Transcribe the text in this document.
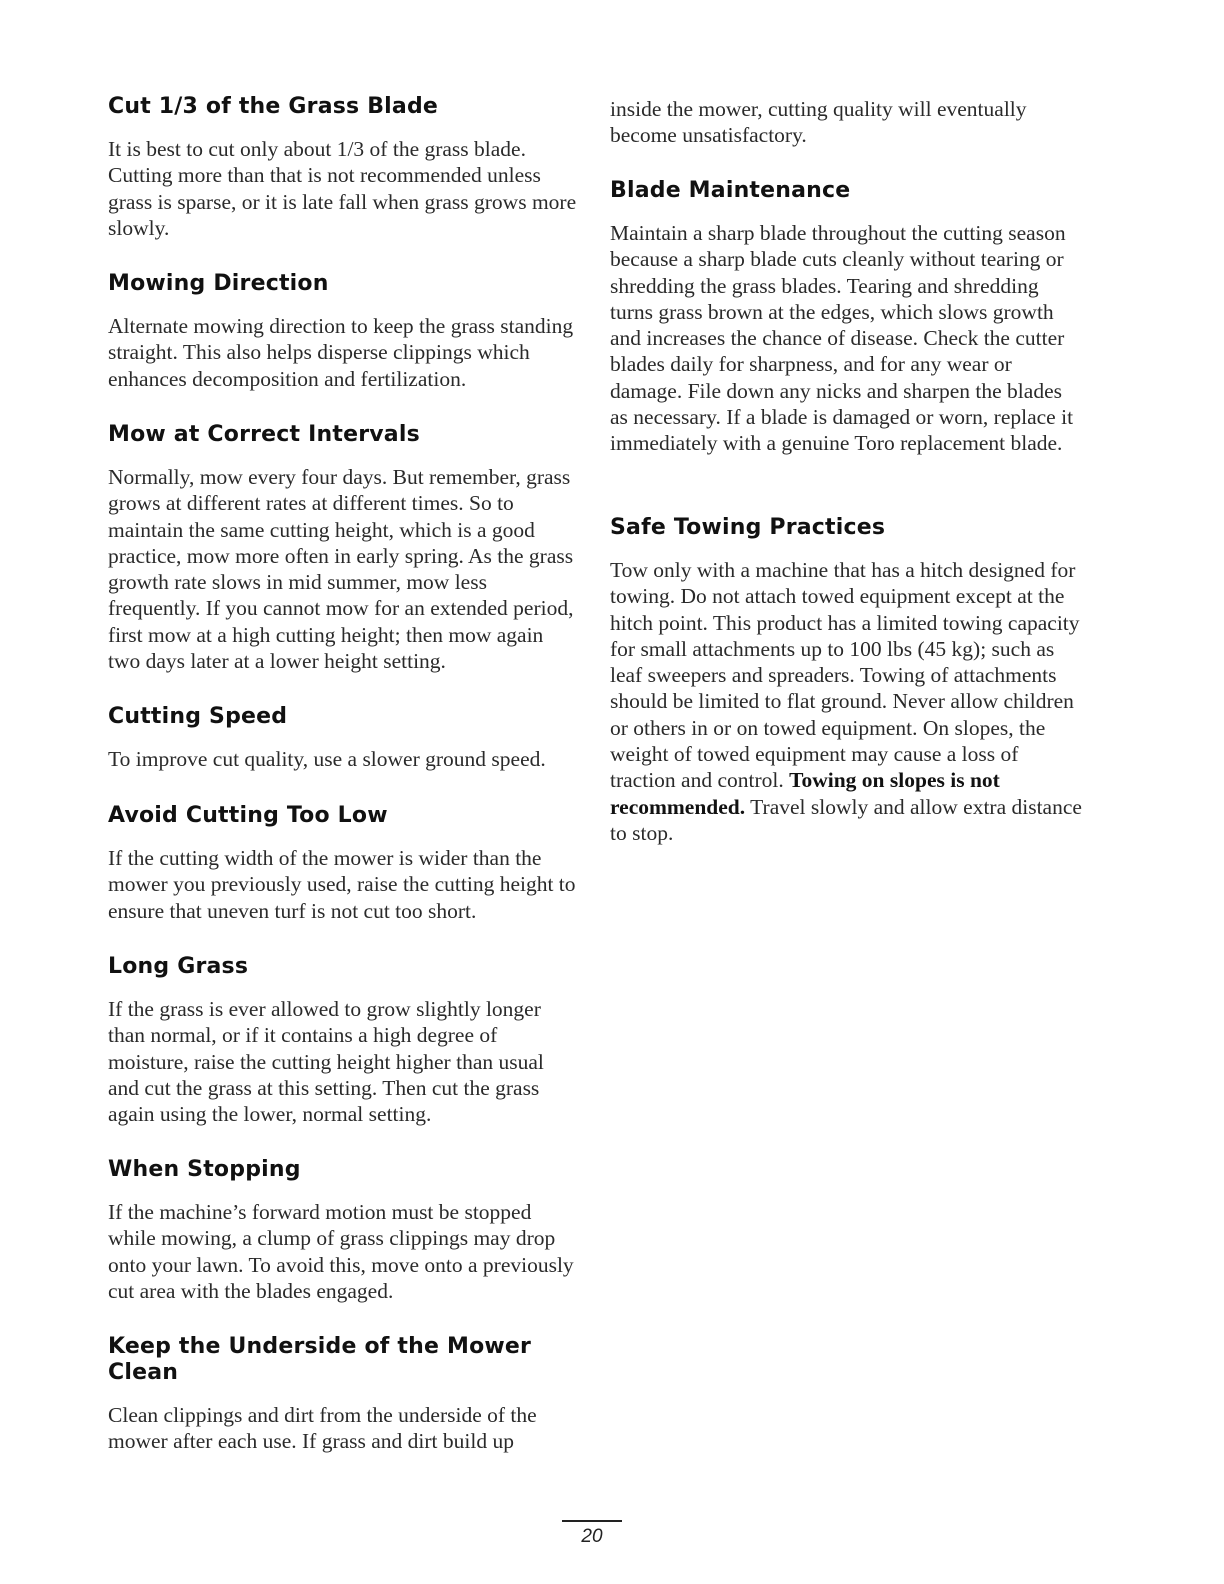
Cut 1/3 of the Grass Blade

It is best to cut only about 1/3 of the grass blade. Cutting more than that is not recommended unless grass is sparse, or it is late fall when grass grows more slowly.

Mowing Direction

Alternate mowing direction to keep the grass standing straight. This also helps disperse clippings which enhances decomposition and fertilization.

Mow at Correct Intervals

Normally, mow every four days. But remember, grass grows at different rates at different times. So to maintain the same cutting height, which is a good practice, mow more often in early spring. As the grass growth rate slows in mid summer, mow less frequently. If you cannot mow for an extended period, first mow at a high cutting height; then mow again two days later at a lower height setting.

Cutting Speed

To improve cut quality, use a slower ground speed.

Avoid Cutting Too Low

If the cutting width of the mower is wider than the mower you previously used, raise the cutting height to ensure that uneven turf is not cut too short.

Long Grass

If the grass is ever allowed to grow slightly longer than normal, or if it contains a high degree of moisture, raise the cutting height higher than usual and cut the grass at this setting. Then cut the grass again using the lower, normal setting.

When Stopping

If the machine’s forward motion must be stopped while mowing, a clump of grass clippings may drop onto your lawn. To avoid this, move onto a previously cut area with the blades engaged.

Keep the Underside of the Mower Clean

Clean clippings and dirt from the underside of the mower after each use. If grass and dirt build up

inside the mower, cutting quality will eventually become unsatisfactory.

Blade Maintenance

Maintain a sharp blade throughout the cutting season because a sharp blade cuts cleanly without tearing or shredding the grass blades. Tearing and shredding turns grass brown at the edges, which slows growth and increases the chance of disease. Check the cutter blades daily for sharpness, and for any wear or damage. File down any nicks and sharpen the blades as necessary. If a blade is damaged or worn, replace it immediately with a genuine Toro replacement blade.

Safe Towing Practices

Tow only with a machine that has a hitch designed for towing. Do not attach towed equipment except at the hitch point. This product has a limited towing capacity for small attachments up to 100 lbs (45 kg); such as leaf sweepers and spreaders. Towing of attachments should be limited to flat ground. Never allow children or others in or on towed equipment. On slopes, the weight of towed equipment may cause a loss of traction and control. Towing on slopes is not recommended. Travel slowly and allow extra distance to stop.

20
